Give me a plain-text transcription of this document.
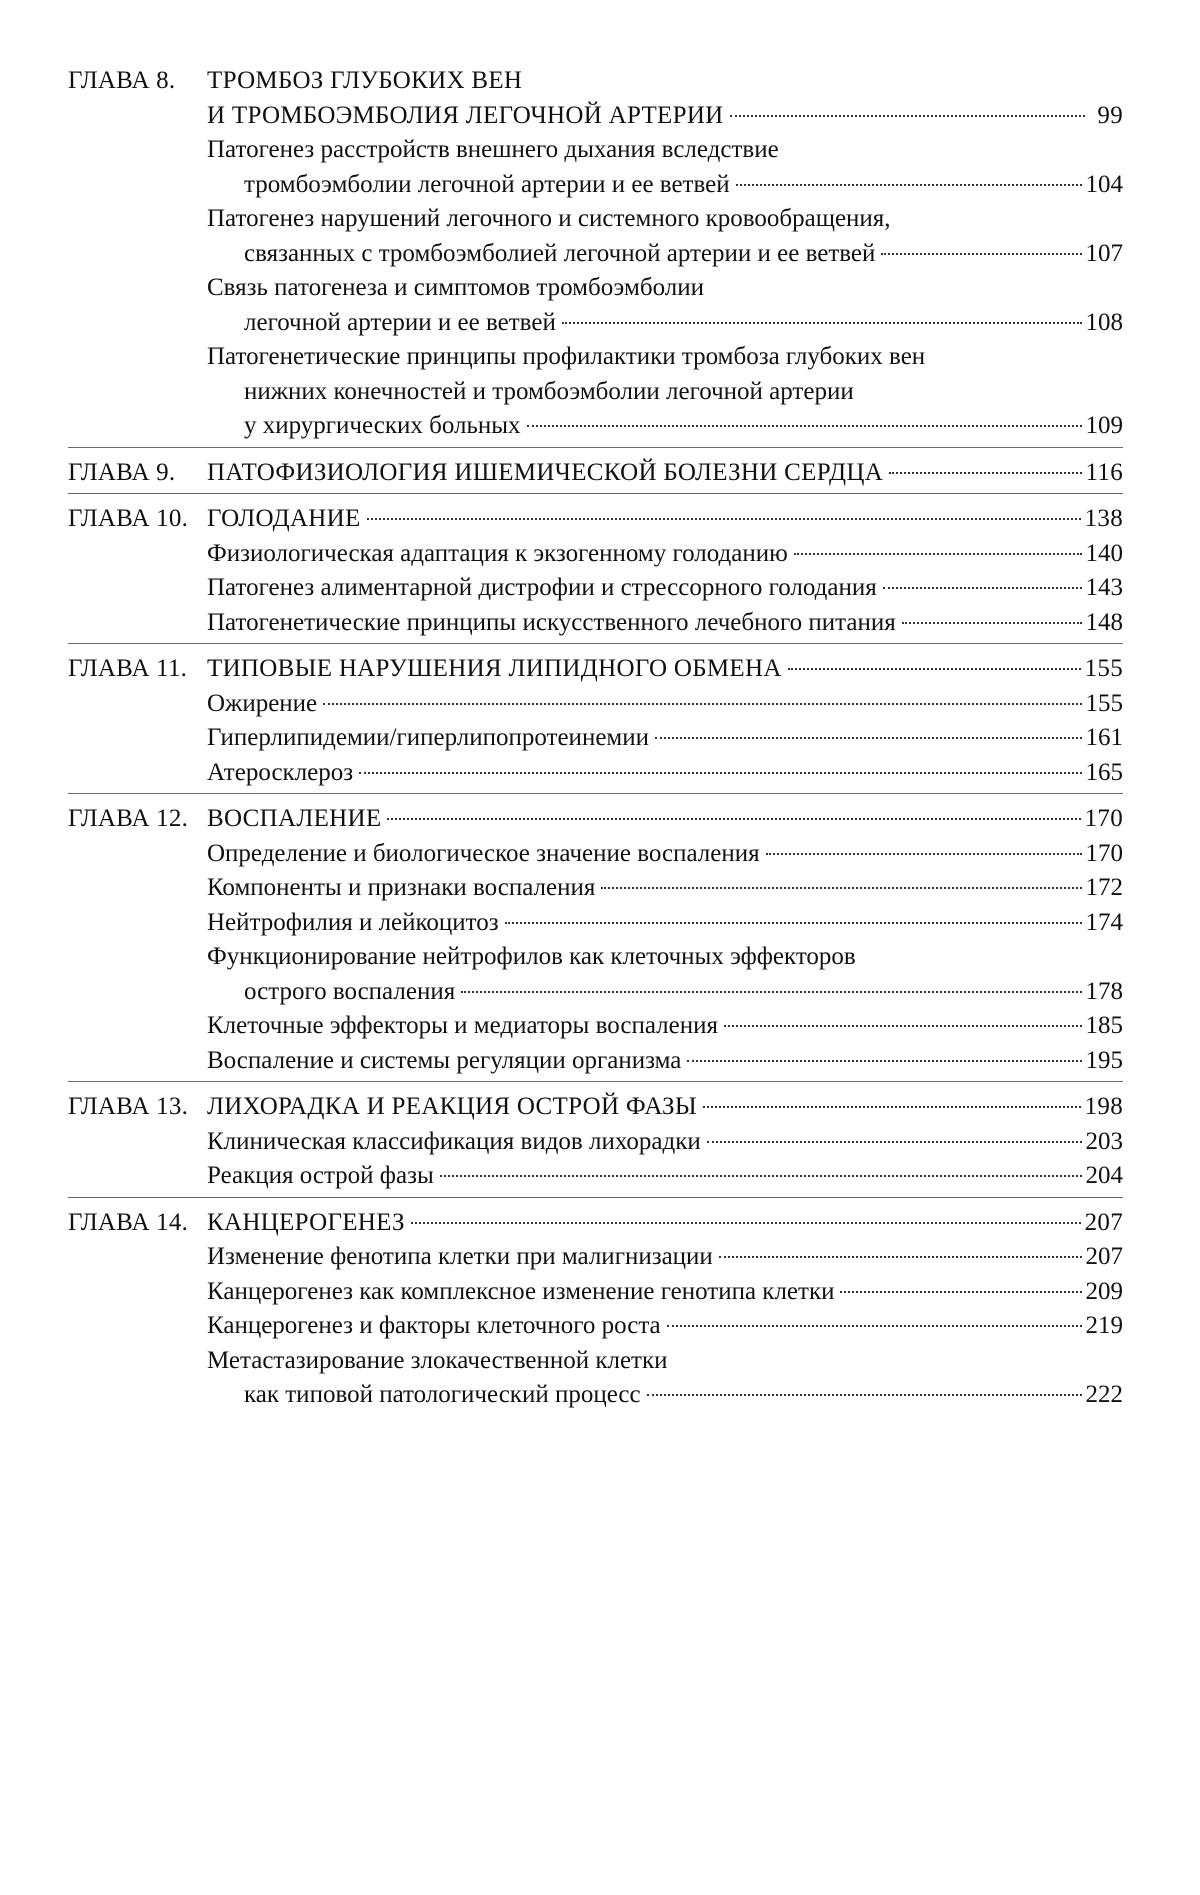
ГЛАВА 8. ТРОМБОЗ ГЛУБОКИХ ВЕН
И ТРОМБОЭМБОЛИЯ ЛЕГОЧНОЙ АРТЕРИИ	99
Патогенез расстройств внешнего дыхания вследствие
тромбоэмболии легочной артерии и ее ветвей	104
Патогенез нарушений легочного и системного кровообращения,
связанных с тромбоэмболией легочной артерии и ее ветвей	107
Связь патогенеза и симптомов тромбоэмболии
легочной артерии и ее ветвей	108
Патогенетические принципы профилактики тромбоза глубоких вен
нижних конечностей и тромбоэмболии легочной артерии
у хирургических больных	109
ГЛАВА 9. ПАТОФИЗИОЛОГИЯ ИШЕМИЧЕСКОЙ БОЛЕЗНИ СЕРДЦА	116
ГЛАВА 10. ГОЛОДАНИЕ	138
Физиологическая адаптация к экзогенному голоданию	140
Патогенез алиментарной дистрофии и стрессорного голодания	143
Патогенетические принципы искусственного лечебного питания	148
ГЛАВА 11. ТИПОВЫЕ НАРУШЕНИЯ ЛИПИДНОГО ОБМЕНА	155
Ожирение	155
Гиперлипидемии/гиперлипопротеинемии	161
Атеросклероз	165
ГЛАВА 12. ВОСПАЛЕНИЕ	170
Определение и биологическое значение воспаления	170
Компоненты и признаки воспаления	172
Нейтрофилия и лейкоцитоз	174
Функционирование нейтрофилов как клеточных эффекторов
острого воспаления	178
Клеточные эффекторы и медиаторы воспаления	185
Воспаление и системы регуляции организма	195
ГЛАВА 13. ЛИХОРАДКА И РЕАКЦИЯ ОСТРОЙ ФАЗЫ	198
Клиническая классификация видов лихорадки	203
Реакция острой фазы	204
ГЛАВА 14. КАНЦЕРОГЕНЕЗ	207
Изменение фенотипа клетки при малигнизации	207
Канцерогенез как комплексное изменение генотипа клетки	209
Канцерогенез и факторы клеточного роста	219
Метастазирование злокачественной клетки
как типовой патологический процесс	222
